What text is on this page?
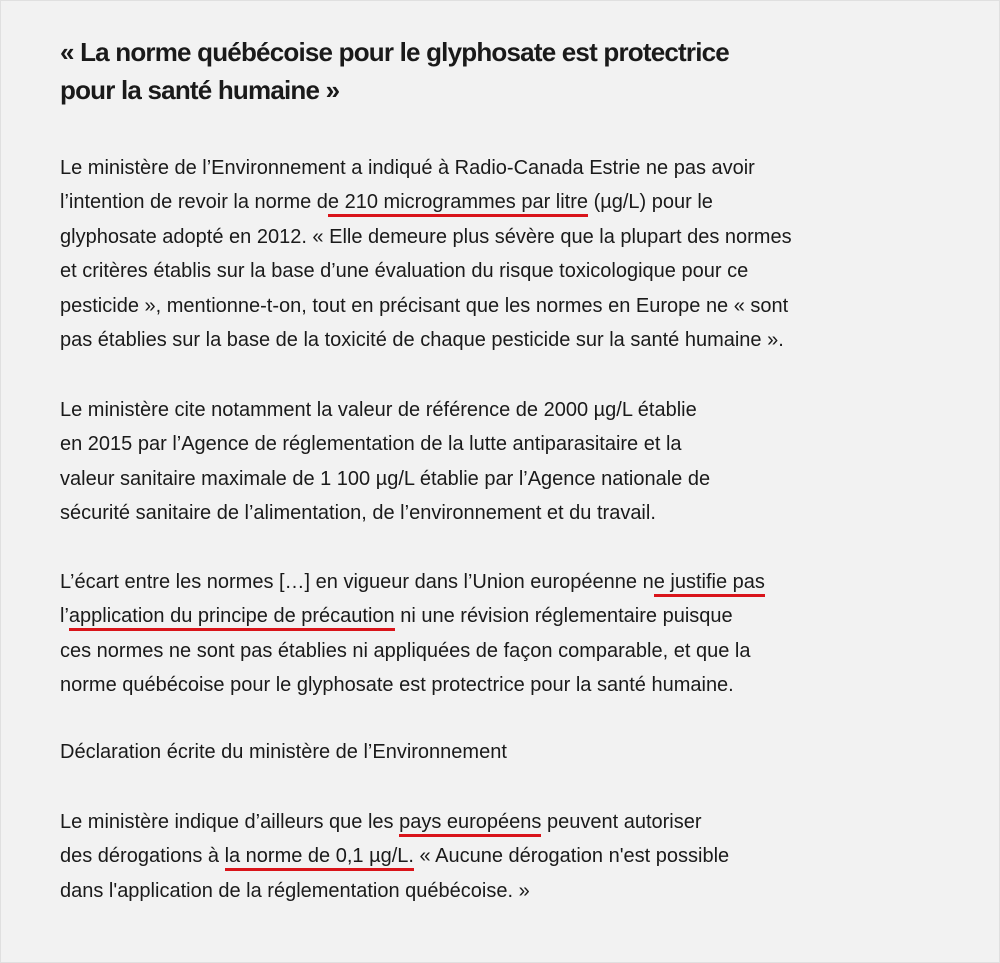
« La norme québécoise pour le glyphosate est protectrice
pour la santé humaine »

Le ministère de l’Environnement a indiqué à Radio-Canada Estrie ne pas avoir
l’intention de revoir la norme de 210 microgrammes par litre (µg/L) pour le
glyphosate adopté en 2012. « Elle demeure plus sévère que la plupart des normes
et critères établis sur la base d’une évaluation du risque toxicologique pour ce
pesticide », mentionne-t-on, tout en précisant que les normes en Europe ne « sont
pas établies sur la base de la toxicité de chaque pesticide sur la santé humaine ».

Le ministère cite notamment la valeur de référence de 2000 µg/L établie
en 2015 par l’Agence de réglementation de la lutte antiparasitaire et la
valeur sanitaire maximale de 1 100 µg/L établie par l’Agence nationale de
sécurité sanitaire de l’alimentation, de l’environnement et du travail.

L’écart entre les normes […] en vigueur dans l’Union européenne ne justifie pas
l’application du principe de précaution ni une révision réglementaire puisque
ces normes ne sont pas établies ni appliquées de façon comparable, et que la
norme québécoise pour le glyphosate est protectrice pour la santé humaine.

Déclaration écrite du ministère de l’Environnement

Le ministère indique d’ailleurs que les pays européens peuvent autoriser
des dérogations à la norme de 0,1 µg/L. « Aucune dérogation n'est possible
dans l'application de la réglementation québécoise. »
